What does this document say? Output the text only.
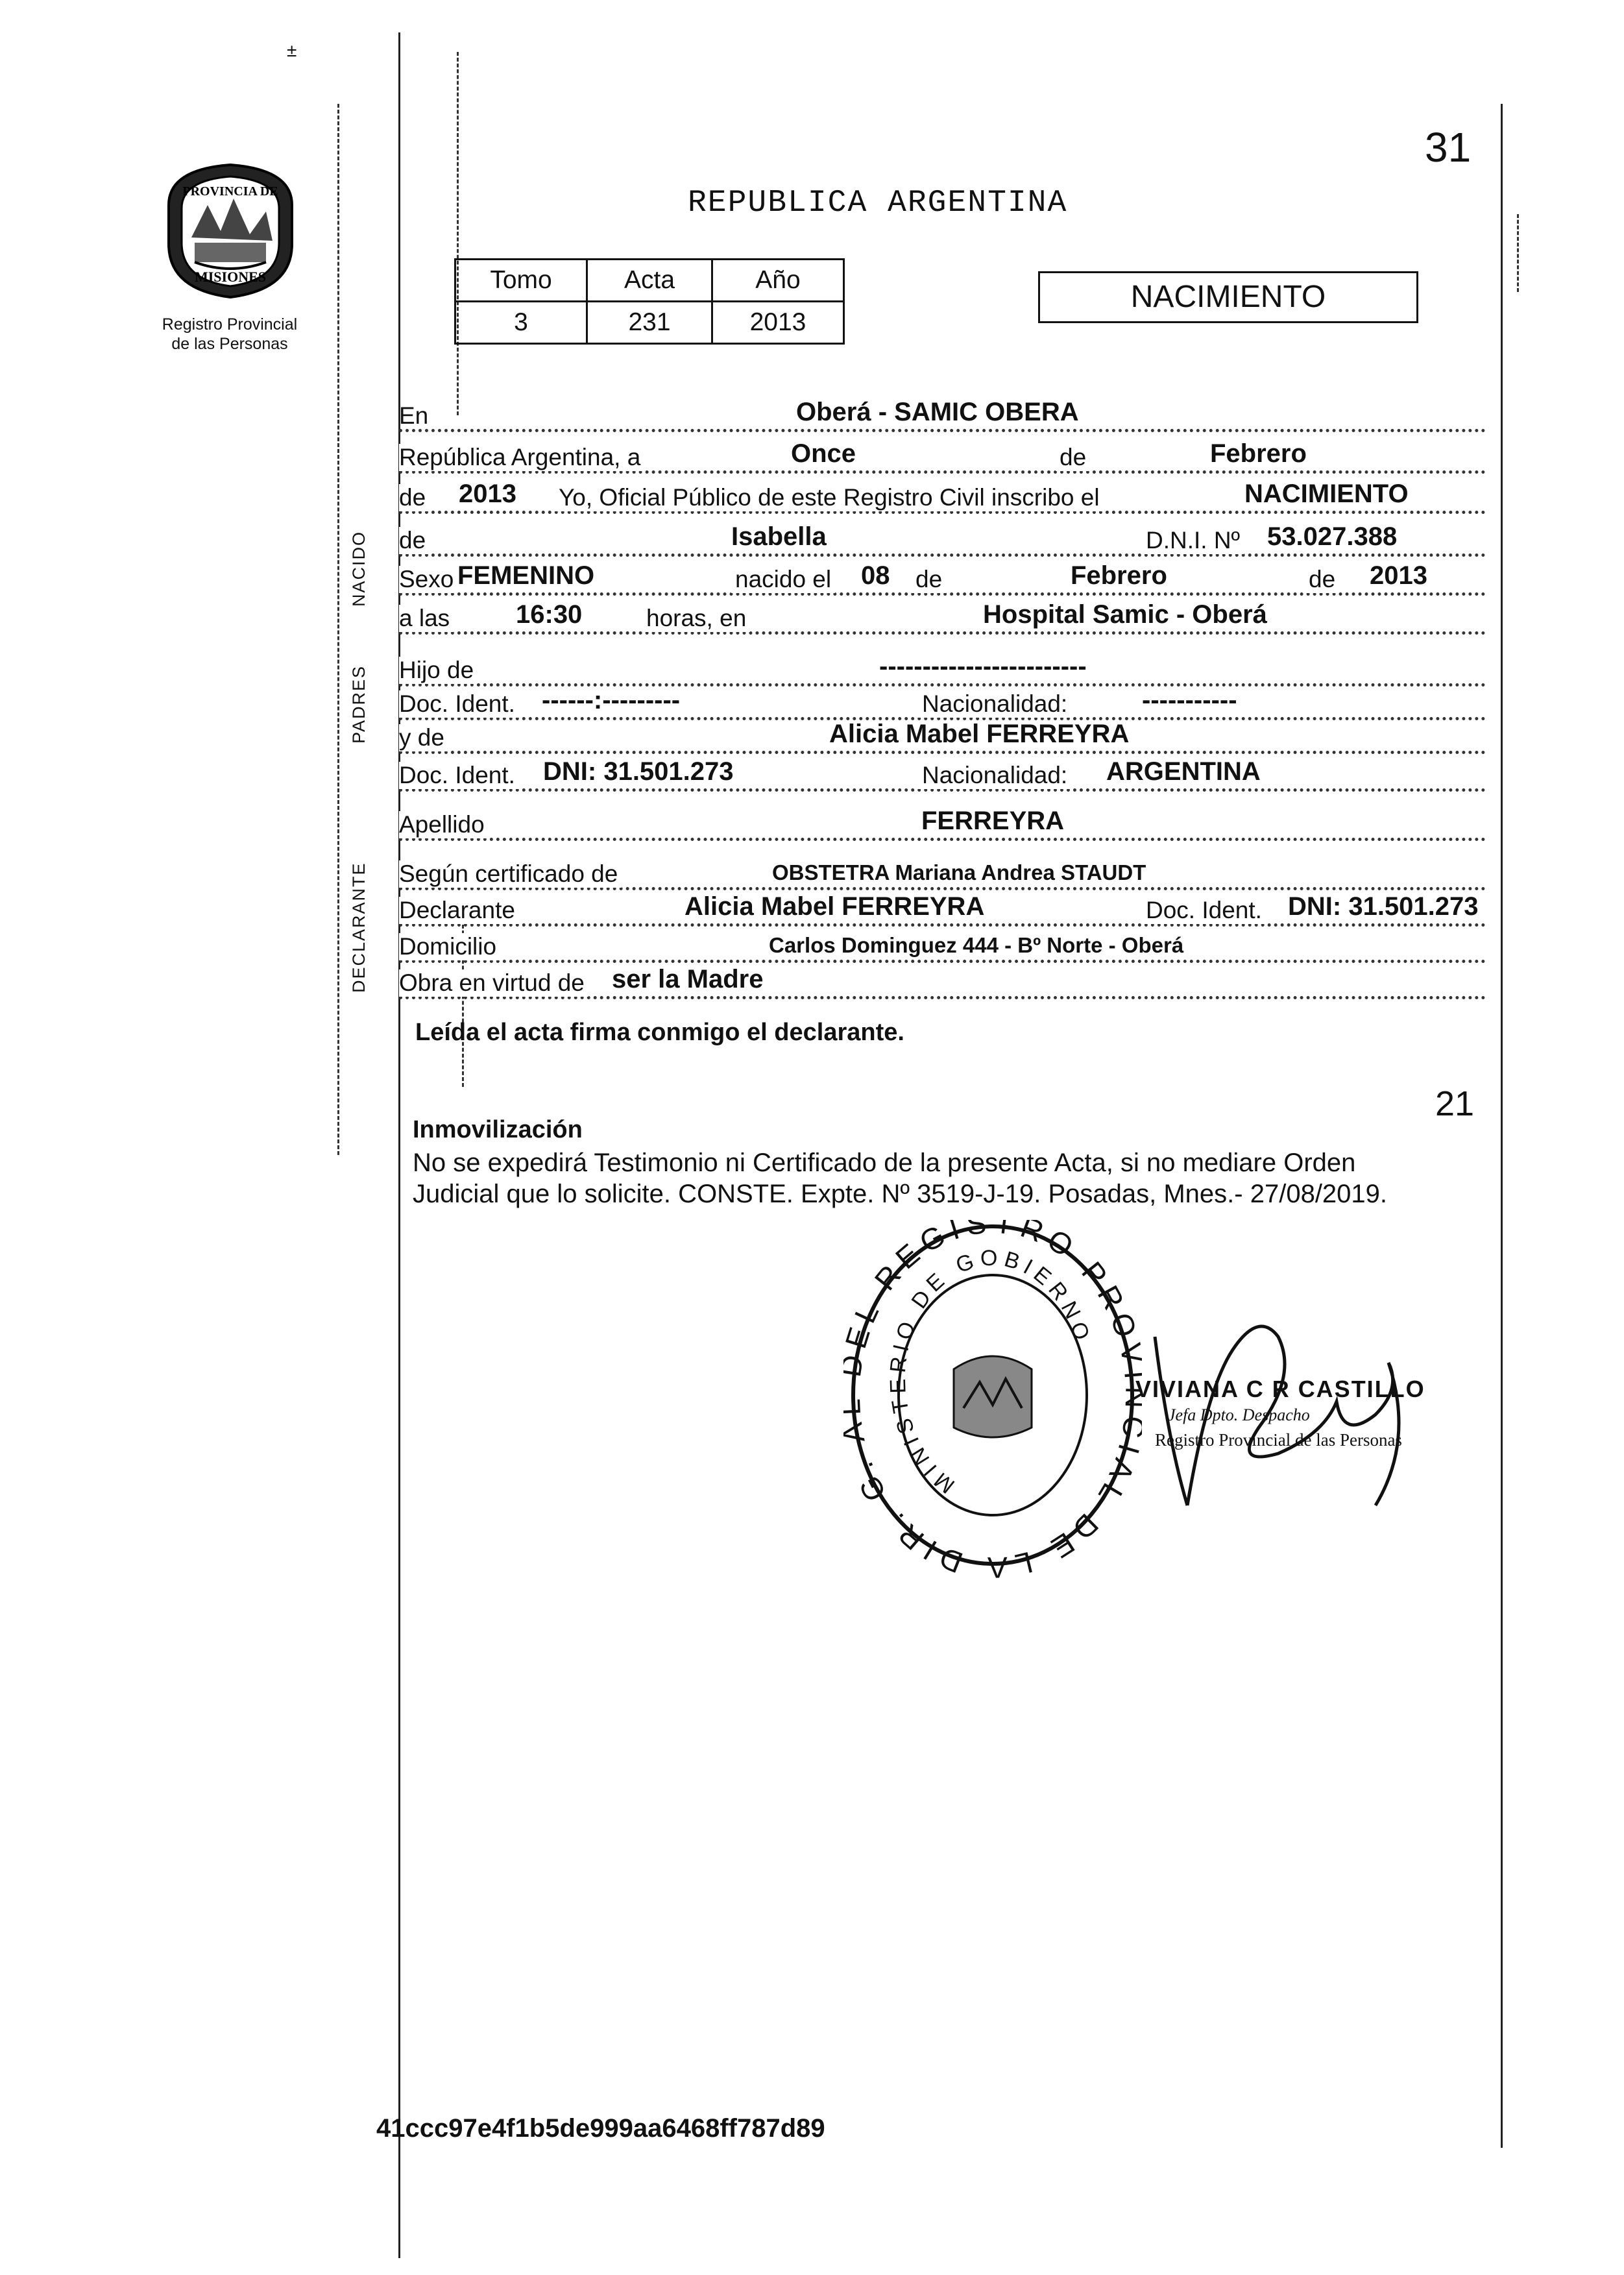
±
31
PROVINCIA DE
MISIONES
Registro Provincial
de las Personas
REPUBLICA ARGENTINA
Tomo	Acta	Año
3	231	2013
NACIMIENTO
NACIDO
PADRES
DECLARANTE
En	Oberá - SAMIC OBERA
República Argentina, a	Once	de	Febrero
de 2013 Yo, Oficial Público de este Registro Civil inscribo el	NACIMIENTO
de	Isabella	D.N.I. Nº 53.027.388
Sexo FEMENINO	nacido el 08 de	Febrero	de 2013
a las	16:30	horas, en	Hospital Samic - Oberá
Hijo de	------------------------
Doc. Ident. ------:---------	Nacionalidad:	-----------
y de	Alicia Mabel FERREYRA
Doc. Ident. DNI: 31.501.273	Nacionalidad: ARGENTINA
Apellido	FERREYRA
Según certificado de	OBSTETRA Mariana Andrea STAUDT
Declarante	Alicia Mabel FERREYRA	Doc. Ident. DNI: 31.501.273
Domicilio	Carlos Dominguez 444 - Bº Norte - Oberá
Obra en virtud de ser la Madre
Leída el acta firma conmigo el declarante.
21
Inmovilización
No se expedirá Testimonio ni Certificado de la presente Acta, si no mediare Orden
Judicial que lo solicite. CONSTE. Expte. Nº 3519-J-19. Posadas, Mnes.- 27/08/2019.
DIR. G. L REGISTRO PRO AL DE LA
MINISTERIO DE GOBIERNO
VIVIANA C R CASTILLO
Jefa Dpto. Despacho
Registro Provincial de las Personas
41ccc97e4f1b5de999aa6468ff787d89
